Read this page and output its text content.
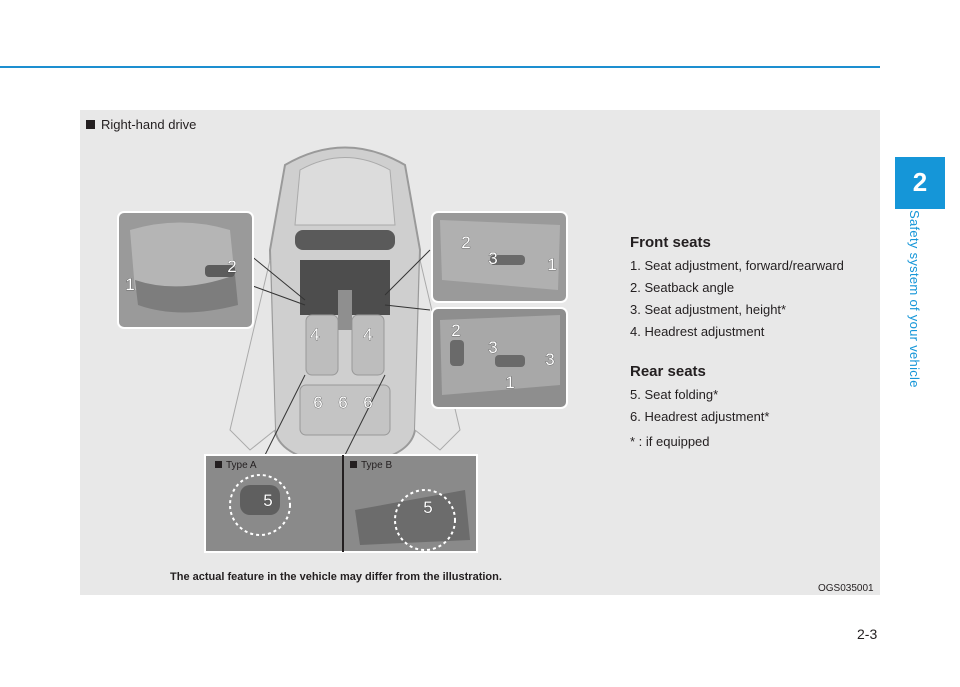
2
Safety system of your vehicle
Right-hand drive
1
2
2
3	1
2
3
3
1
4	4
6 6 6
5	5
Type A	Type B
The actual feature in the vehicle may differ from the illustration.
OGS035001
Front seats
1. Seat adjustment, forward/rearward
2. Seatback angle
3. Seat adjustment, height*
4. Headrest adjustment
Rear seats
5. Seat folding*
6. Headrest adjustment*
* : if equipped
2-3
